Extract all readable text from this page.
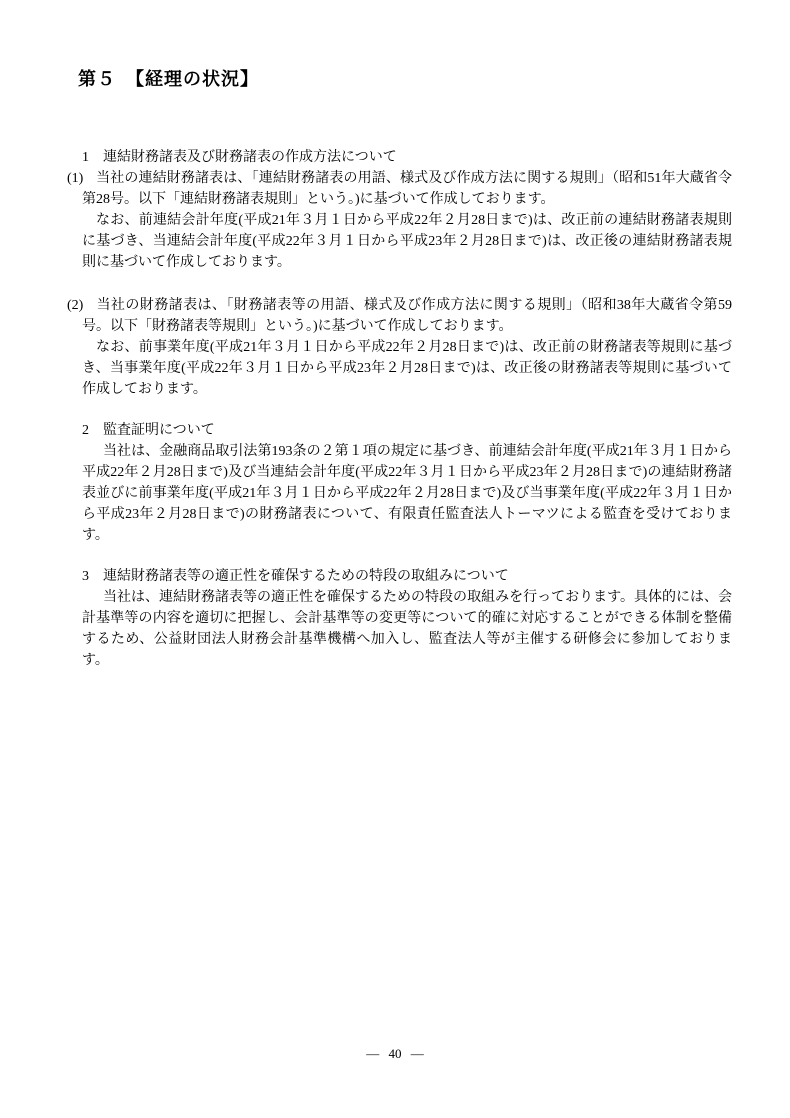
第５　【経理の状況】

1 連結財務諸表及び財務諸表の作成方法について

(1) 当社の連結財務諸表は、「連結財務諸表の用語、様式及び作成方法に関する規則」（昭和51年大蔵省令第28号。以下「連結財務諸表規則」という。)に基づいて作成しております。

なお、前連結会計年度(平成21年３月１日から平成22年２月28日まで)は、改正前の連結財務諸表規則に基づき、当連結会計年度(平成22年３月１日から平成23年２月28日まで)は、改正後の連結財務諸表規則に基づいて作成しております。

(2) 当社の財務諸表は、「財務諸表等の用語、様式及び作成方法に関する規則」（昭和38年大蔵省令第59号。以下「財務諸表等規則」という。)に基づいて作成しております。

なお、前事業年度(平成21年３月１日から平成22年２月28日まで)は、改正前の財務諸表等規則に基づき、当事業年度(平成22年３月１日から平成23年２月28日まで)は、改正後の財務諸表等規則に基づいて作成しております。

2 監査証明について

当社は、金融商品取引法第193条の２第１項の規定に基づき、前連結会計年度(平成21年３月１日から平成22年２月28日まで)及び当連結会計年度(平成22年３月１日から平成23年２月28日まで)の連結財務諸表並びに前事業年度(平成21年３月１日から平成22年２月28日まで)及び当事業年度(平成22年３月１日から平成23年２月28日まで)の財務諸表について、有限責任監査法人トーマツによる監査を受けております。

3 連結財務諸表等の適正性を確保するための特段の取組みについて

当社は、連結財務諸表等の適正性を確保するための特段の取組みを行っております。具体的には、会計基準等の内容を適切に把握し、会計基準等の変更等について的確に対応することができる体制を整備するため、公益財団法人財務会計基準機構へ加入し、監査法人等が主催する研修会に参加しております。

― 40 ―
